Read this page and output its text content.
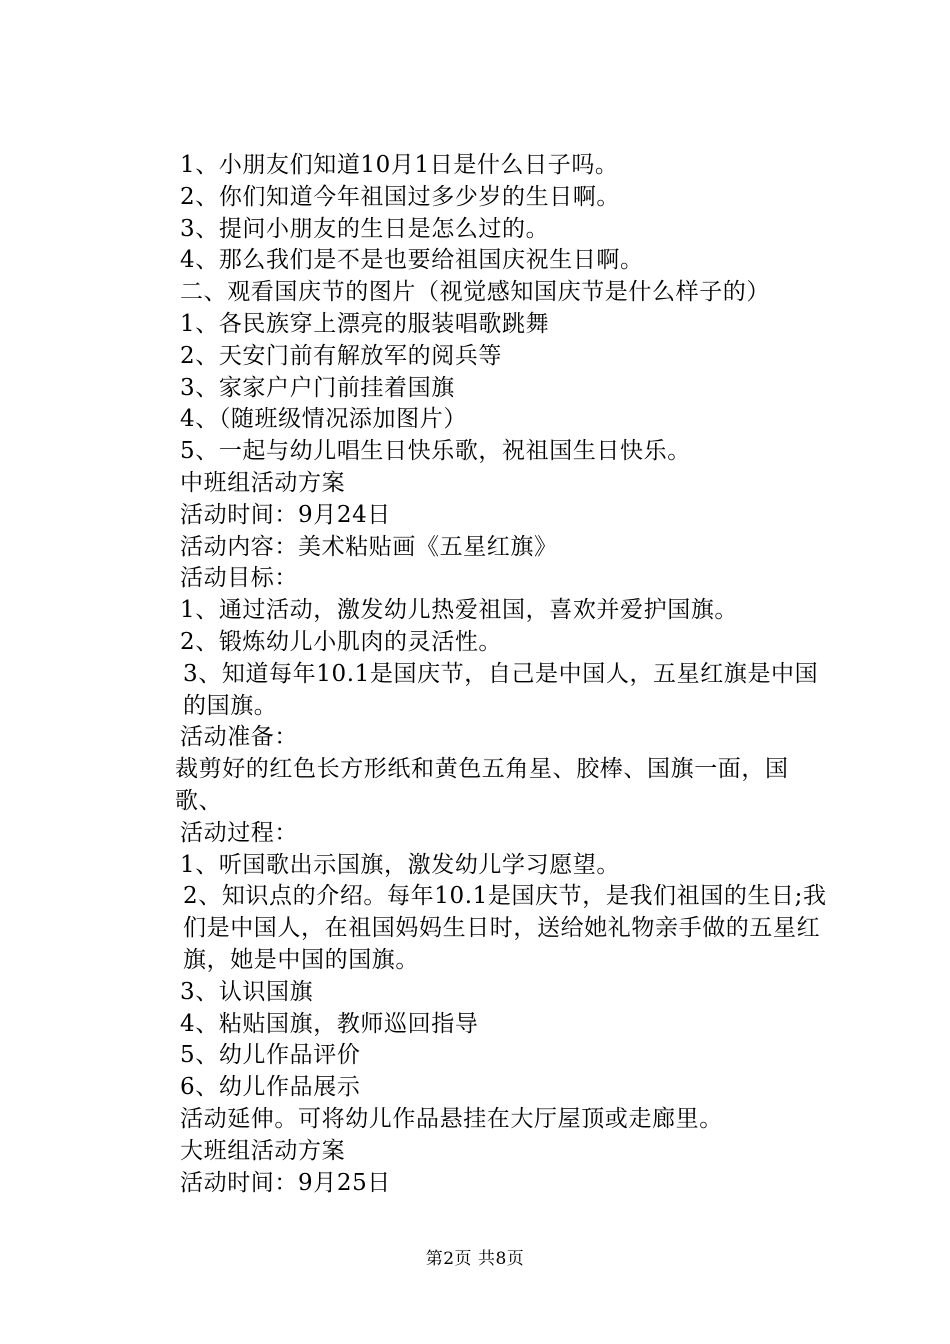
1、小朋友们知道10月1日是什么日子吗。
2、你们知道今年祖国过多少岁的生日啊。
3、提问小朋友的生日是怎么过的。
4、那么我们是不是也要给祖国庆祝生日啊。
二、观看国庆节的图片（视觉感知国庆节是什么样子的）
1、各民族穿上漂亮的服装唱歌跳舞
2、天安门前有解放军的阅兵等
3、家家户户门前挂着国旗
4、（随班级情况添加图片）
5、一起与幼儿唱生日快乐歌，祝祖国生日快乐。
中班组活动方案
活动时间：9月24日
活动内容：美术粘贴画《五星红旗》
活动目标：
1、通过活动，激发幼儿热爱祖国，喜欢并爱护国旗。
2、锻炼幼儿小肌肉的灵活性。
3、知道每年10.1是国庆节，自己是中国人，五星红旗是中国的国旗。
活动准备：
裁剪好的红色长方形纸和黄色五角星、胶棒、国旗一面，国歌、
活动过程：
1、听国歌出示国旗，激发幼儿学习愿望。
2、知识点的介绍。每年10.1是国庆节，是我们祖国的生日;我们是中国人，在祖国妈妈生日时，送给她礼物亲手做的五星红旗，她是中国的国旗。
3、认识国旗
4、粘贴国旗，教师巡回指导
5、幼儿作品评价
6、幼儿作品展示
活动延伸。可将幼儿作品悬挂在大厅屋顶或走廊里。
大班组活动方案
活动时间：9月25日
第2页 共8页
